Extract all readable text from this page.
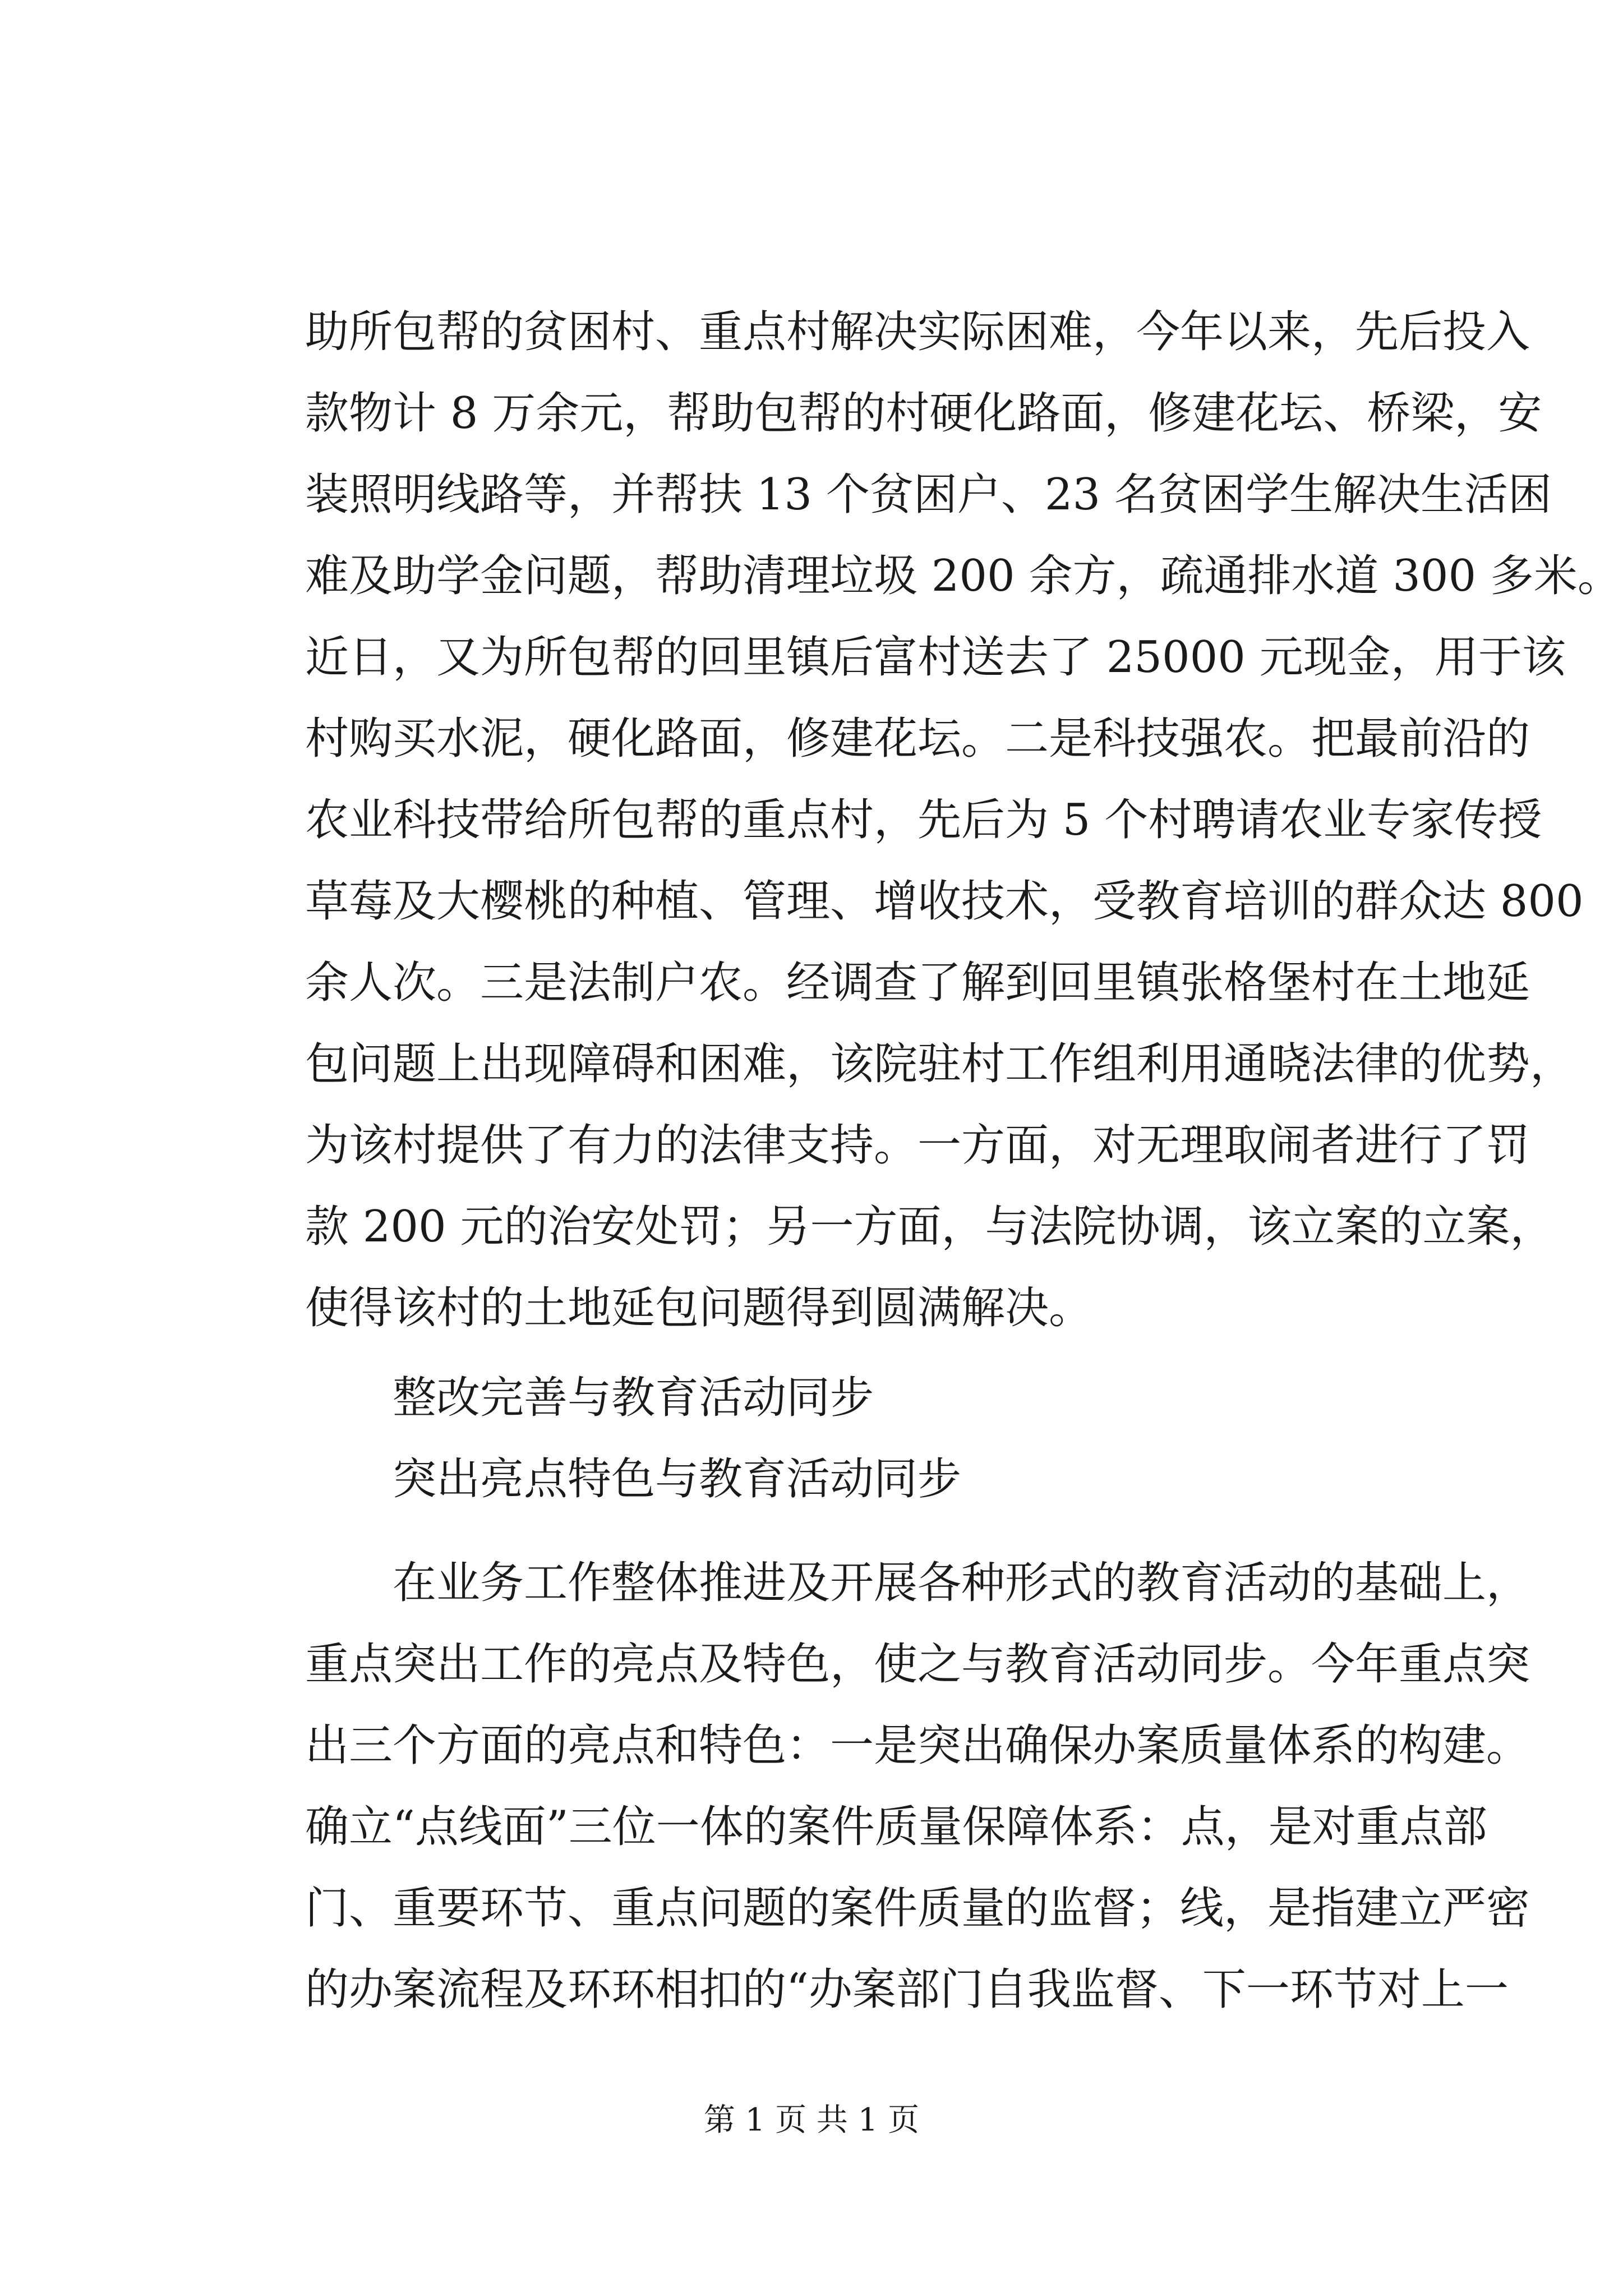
助所包帮的贫困村、重点村解决实际困难，今年以来，先后投入
款物计 8 万余元，帮助包帮的村硬化路面，修建花坛、桥梁，安
装照明线路等，并帮扶 13 个贫困户、23 名贫困学生解决生活困
难及助学金问题，帮助清理垃圾 200 余方，疏通排水道 300 多米。
近日，又为所包帮的回里镇后富村送去了 25000 元现金，用于该
村购买水泥，硬化路面，修建花坛。二是科技强农。把最前沿的
农业科技带给所包帮的重点村，先后为 5 个村聘请农业专家传授
草莓及大樱桃的种植、管理、增收技术，受教育培训的群众达 800
余人次。三是法制户农。经调查了解到回里镇张格堡村在土地延
包问题上出现障碍和困难，该院驻村工作组利用通晓法律的优势，
为该村提供了有力的法律支持。一方面，对无理取闹者进行了罚
款 200 元的治安处罚；另一方面，与法院协调，该立案的立案，
使得该村的土地延包问题得到圆满解决。
整改完善与教育活动同步
突出亮点特色与教育活动同步
在业务工作整体推进及开展各种形式的教育活动的基础上，
重点突出工作的亮点及特色，使之与教育活动同步。今年重点突
出三个方面的亮点和特色：一是突出确保办案质量体系的构建。
确立“点线面”三位一体的案件质量保障体系：点，是对重点部
门、重要环节、重点问题的案件质量的监督；线，是指建立严密
的办案流程及环环相扣的“办案部门自我监督、下一环节对上一
第 1 页 共 1 页
